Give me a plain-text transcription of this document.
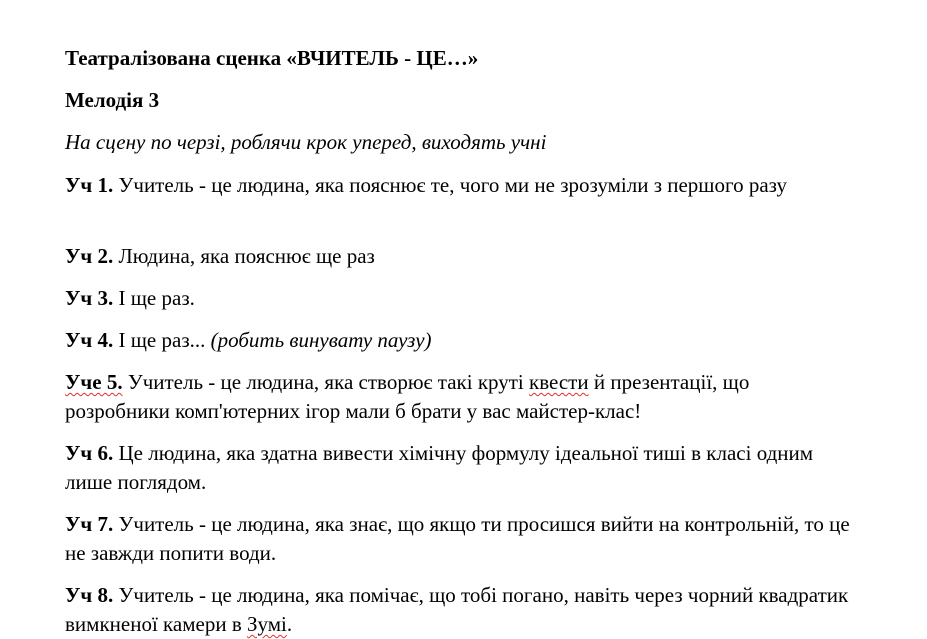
Театралізована сценка «ВЧИТЕЛЬ - ЦЕ…»
Мелодія 3
На сцену по черзі, роблячи крок уперед, виходять учні
Уч 1. Учитель - це людина, яка пояснює те, чого ми не зрозуміли з першого разу
Уч 2. Людина, яка пояснює ще раз
Уч 3. І ще раз.
Уч 4. І ще раз... (робить винувату паузу)
Уче 5. Учитель - це людина, яка створює такі круті квести й презентації, що розробники комп'ютерних ігор мали б брати у вас майстер-клас!
Уч 6. Це людина, яка здатна вивести хімічну формулу ідеальної тиші в класі одним лише поглядом.
Уч 7. Учитель - це людина, яка знає, що якщо ти просишся вийти на контрольній, то це не завжди попити води.
Уч 8. Учитель - це людина, яка помічає, що тобі погано, навіть через чорний квадратик вимкненої камери в Зумі.
